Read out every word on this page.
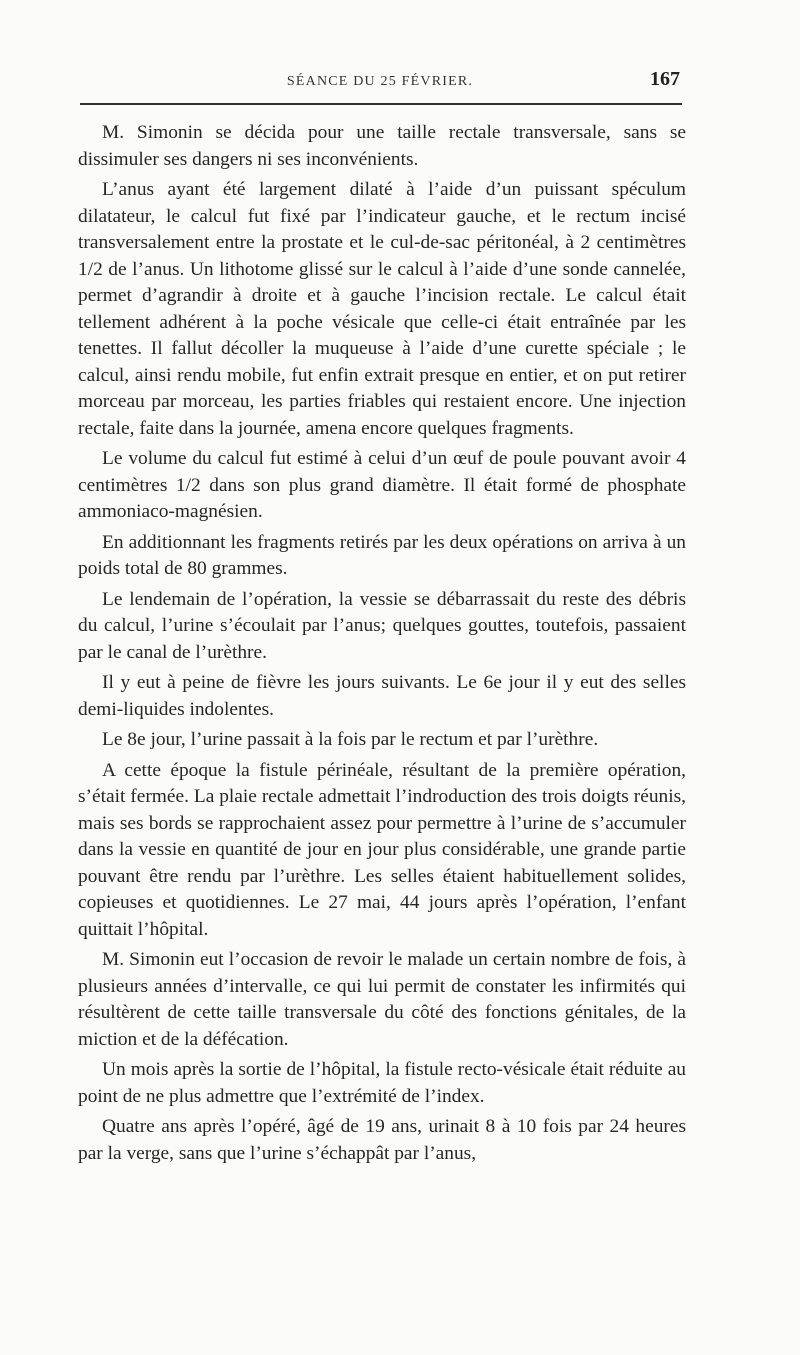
SÉANCE DU 25 FÉVRIER.	167

M. Simonin se décida pour une taille rectale transversale, sans se dissimuler ses dangers ni ses inconvénients.

L’anus ayant été largement dilaté à l’aide d’un puissant spéculum dilatateur, le calcul fut fixé par l’indicateur gauche, et le rectum incisé transversalement entre la prostate et le cul-de-sac péritonéal, à 2 centimètres 1/2 de l’anus. Un lithotome glissé sur le calcul à l’aide d’une sonde cannelée, permet d’agrandir à droite et à gauche l’incision rectale. Le calcul était tellement adhérent à la poche vésicale que celle-ci était entraînée par les tenettes. Il fallut décoller la muqueuse à l’aide d’une curette spéciale ; le calcul, ainsi rendu mobile, fut enfin extrait presque en entier, et on put retirer morceau par morceau, les parties friables qui restaient encore. Une injection rectale, faite dans la journée, amena encore quelques fragments.

Le volume du calcul fut estimé à celui d’un œuf de poule pouvant avoir 4 centimètres 1/2 dans son plus grand diamètre. Il était formé de phosphate ammoniaco-magnésien.

En additionnant les fragments retirés par les deux opérations on arriva à un poids total de 80 grammes.

Le lendemain de l’opération, la vessie se débarrassait du reste des débris du calcul, l’urine s’écoulait par l’anus; quelques gouttes, toutefois, passaient par le canal de l’urèthre.

Il y eut à peine de fièvre les jours suivants. Le 6e jour il y eut des selles demi-liquides indolentes.

Le 8e jour, l’urine passait à la fois par le rectum et par l’urèthre.

A cette époque la fistule périnéale, résultant de la première opération, s’était fermée. La plaie rectale admettait l’indroduction des trois doigts réunis, mais ses bords se rapprochaient assez pour permettre à l’urine de s’accumuler dans la vessie en quantité de jour en jour plus considérable, une grande partie pouvant être rendu par l’urèthre. Les selles étaient habituellement solides, copieuses et quotidiennes. Le 27 mai, 44 jours après l’opération, l’enfant quittait l’hôpital.

M. Simonin eut l’occasion de revoir le malade un certain nombre de fois, à plusieurs années d’intervalle, ce qui lui permit de constater les infirmités qui résultèrent de cette taille transversale du côté des fonctions génitales, de la miction et de la défécation.

Un mois après la sortie de l’hôpital, la fistule recto-vésicale était réduite au point de ne plus admettre que l’extrémité de l’index.

Quatre ans après l’opéré, âgé de 19 ans, urinait 8 à 10 fois par 24 heures par la verge, sans que l’urine s’échappât par l’anus,
